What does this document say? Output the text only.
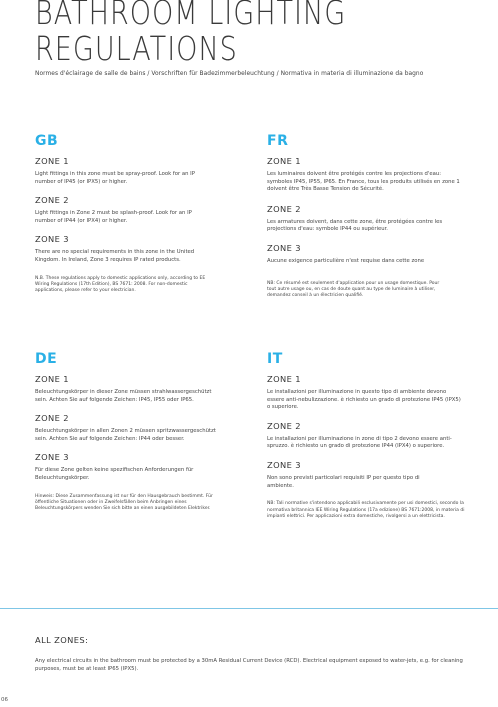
BATHROOM LIGHTING
REGULATIONS
Normes d'éclairage de salle de bains / Vorschriften für Badezimmerbeleuchtung / Normativa in materia di illuminazione da bagno
GB
ZONE 1
Light fittings in this zone must be spray-proof. Look for an IP number of IP45 (or IPX5) or higher.
ZONE 2
Light fittings in Zone 2 must be splash-proof. Look for an IP number of IP44 (or IPX4) or higher.
ZONE 3
There are no special requirements in this zone in the United Kingdom. In Ireland, Zone 3 requires IP rated products.
N.B. These regulations apply to domestic applications only, according to EE Wiring Regulations (17th Edition), BS 7671: 2008. For non-domestic applications, please refer to your electrician.
FR
ZONE 1
Les luminaires doivent être protégés contre les projections d'eau: symboles IP45, IP55, IP65. En France, tous les produits utilisés en zone 1 doivent être Très Basse Tension de Sécurité.
ZONE 2
Les armatures doivent, dans cette zone, être protégées contre les projections d'eau: symbole IP44 ou supérieur.
ZONE 3
Aucune exigence particulière n'est requise dans cette zone
NB: Ce résumé est seulement d'application pour un usage domestique. Pour tout autre usage ou, en cas de doute quant au type de luminaire à utiliser, demandez conseil à un électricien qualifié.
DE
ZONE 1
Beleuchtungskörper in dieser Zone müssen strahlwassergeschützt sein. Achten Sie auf folgende Zeichen: IP45, IP55 oder IP65.
ZONE 2
Beleuchtungskörper in allen Zonen 2 müssen spritzwassergeschützt sein. Achten Sie auf folgende Zeichen: IP44 oder besser.
ZONE 3
Für diese Zone gelten keine spezifischen Anforderungen für Beleuchtungskörper.
Hinweis: Diese Zusammenfassung ist nur für den Hausgebrauch bestimmt. Für öffentliche Situationen oder in Zweifelsfällen beim Anbringen eines Beleuchtungskörpers wenden Sie sich bitte an einen ausgebildeten Elektriker.
IT
ZONE 1
Le installazioni per illuminazione in questo tipo di ambiente devono essere anti-nebulizzazione. è richiesto un grado di protezione IP45 (IPX5) o superiore.
ZONE 2
Le installazioni per illuminazione in zone di tipo 2 devono essere anti-spruzzo. è richiesto un grado di protezione IP44 (IPX4) o superiore.
ZONE 3
Non sono previsti particolari requisiti IP per questo tipo di ambiente.
NB: Tali normative s'intendono applicabili esclusivamente per usi domestici, secondo la normativa britannica IEE Wiring Regulations (17a edizione) BS 7671:2008, in materia di impianti elettrici. Per applicazioni extra domestiche, rivolgersi a un elettricista.
ALL ZONES:
Any electrical circuits in the bathroom must be protected by a 30mA Residual Current Device (RCD). Electrical equipment exposed to water-jets, e.g. for cleaning purposes, must be at least IP65 (IPX5).
06
